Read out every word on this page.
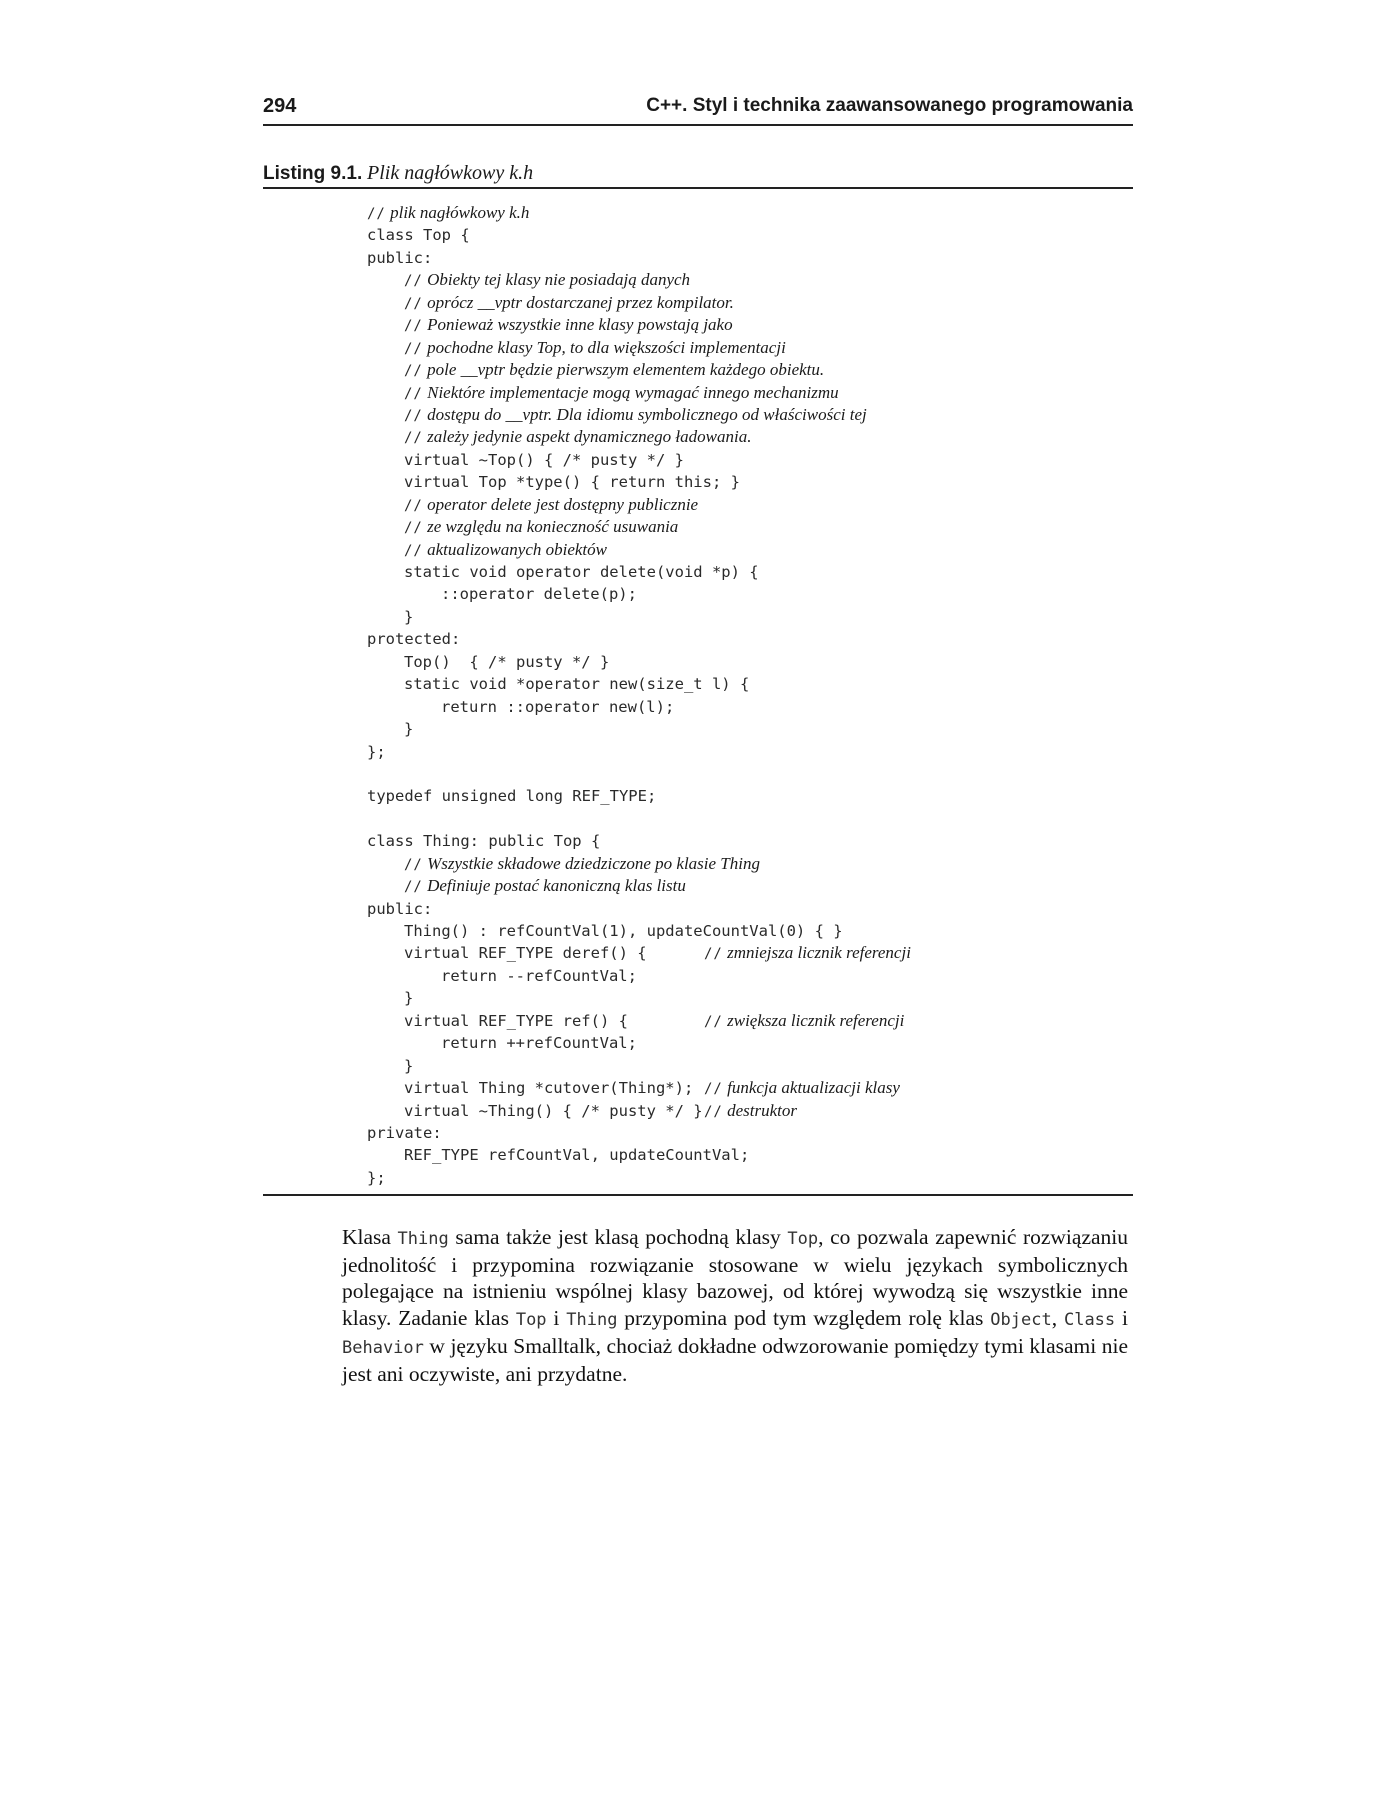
294	C++. Styl i technika zaawansowanego programowania
Listing 9.1. Plik nagłówkowy k.h
// plik nagłówkowy k.h
class Top {
public:
// Obiekty tej klasy nie posiadają danych
// oprócz __vptr dostarczanej przez kompilator.
// Ponieważ wszystkie inne klasy powstają jako
// pochodne klasy Top, to dla większości implementacji
// pole __vptr będzie pierwszym elementem każdego obiektu.
// Niektóre implementacje mogą wymagać innego mechanizmu
// dostępu do __vptr. Dla idiomu symbolicznego od właściwości tej
// zależy jedynie aspekt dynamicznego ładowania.
virtual ~Top() { /* pusty */ }
virtual Top *type() { return this; }
// operator delete jest dostępny publicznie
// ze względu na konieczność usuwania
// aktualizowanych obiektów
static void operator delete(void *p) {
::operator delete(p);
}
protected:
Top()  { /* pusty */ }
static void *operator new(size_t l) {
return ::operator new(l);
}
};
typedef unsigned long REF_TYPE;
class Thing: public Top {
// Wszystkie składowe dziedziczone po klasie Thing
// Definiuje postać kanoniczną klas listu
public:
Thing() : refCountVal(1), updateCountVal(0) { }
virtual REF_TYPE deref() {	// zmniejsza licznik referencji
return --refCountVal;
}
virtual REF_TYPE ref() {	// zwiększa licznik referencji
return ++refCountVal;
}
virtual Thing *cutover(Thing*); // funkcja aktualizacji klasy
virtual ~Thing() { /* pusty */ } // destruktor
private:
REF_TYPE refCountVal, updateCountVal;
};

Klasa Thing sama także jest klasą pochodną klasy Top, co pozwala zapewnić rozwiązaniu jednolitość i przypomina rozwiązanie stosowane w wielu językach symbolicznych polegające na istnieniu wspólnej klasy bazowej, od której wywodzą się wszystkie inne klasy. Zadanie klas Top i Thing przypomina pod tym względem rolę klas Object, Class i Behavior w języku Smalltalk, chociaż dokładne odwzorowanie pomiędzy tymi klasami nie jest ani oczywiste, ani przydatne.
